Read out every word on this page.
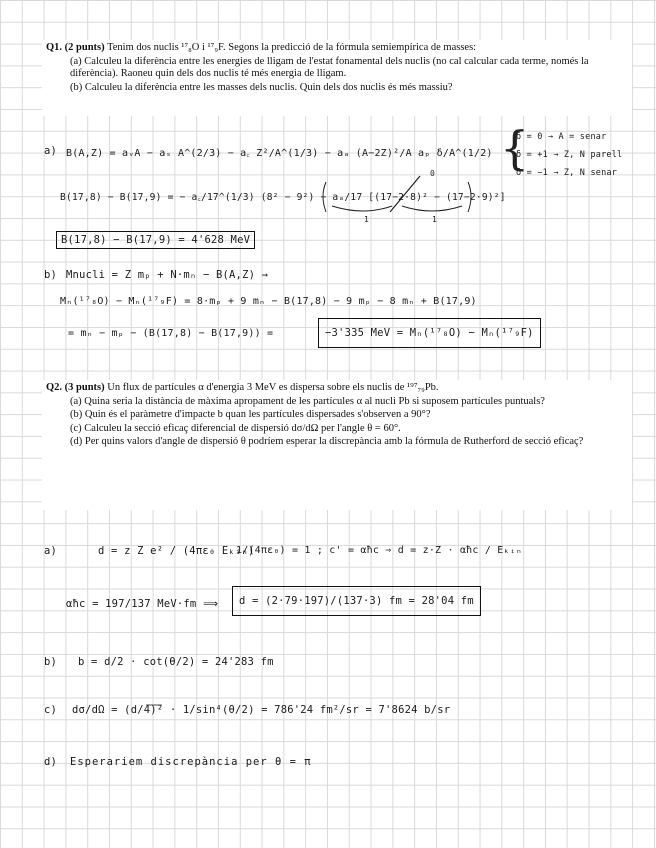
Q1. (2 punts) Tenim dos nuclis ¹⁷₈O i ¹⁷₉F. Segons la predicció de la fórmula semiempírica de masses:

(a) Calculeu la diferència entre les energies de lligam de l'estat fonamental dels nuclis (no cal calcular cada terme, només la diferència). Raoneu quin dels dos nuclis té més energia de lligam.

(b) Calculeu la diferència entre les masses dels nuclis. Quin dels dos nuclis és més massiu?

a) B(A,Z) = aᵥA − aₛ A^(2/3) − a꜀ Z²/A^(1/3) − aₐ (A−2Z)²/A aₚ δ/A^(1/2) {
δ = 0 → A = senar
δ = +1 → Z, N parell
δ = −1 → Z, N senar
0
B(17,8) − B(17,9) = − a꜀/17^(1/3) (8² − 9²) − aₐ/17 [(17−2·8)² − (17−2·9)²]
1	1
B(17,8) − B(17,9) = 4'628 MeV
b) Mnucli = Z mₚ + N·mₙ − B(A,Z) →
Mₙ(¹⁷₈O) − Mₙ(¹⁷₉F) = 8·mₚ + 9 mₙ − B(17,8) − 9 mₚ − 8 mₙ + B(17,9)
= mₙ − mₚ − (B(17,8) − B(17,9)) =	−3'335 MeV = Mₙ(¹⁷₈O) − Mₙ(¹⁷₉F)

Q2. (3 punts) Un flux de partícules α d'energia 3 MeV es dispersa sobre els nuclis de ¹⁹⁷₇₉Pb.

(a) Quina seria la distància de màxima apropament de les partícules α al nucli Pb si suposem partícules puntuals?

(b) Quin és el paràmetre d'impacte b quan les partícules dispersades s'observen a 90°?

(c) Calculeu la secció eficaç diferencial de dispersió dσ/dΩ per l'angle θ = 60°.

(d) Per quins valors d'angle de dispersió θ podríem esperar la discrepància amb la fórmula de Rutherford de secció eficaç?

a)	d = z Z e² / (4πε₀ Eₖᵢₙ)
1/(4πε₀) = 1 ; c' = αħc ⇒ d = z·Z · αħc / Eₖᵢₙ
αħc = 197/137 MeV·fm ⟹	d = (2·79·197)/(137·3) fm = 28'04 fm
b) b = d/2 · cot(θ/2) = 24'283 fm
c) dσ/dΩ = (d/4)² · 1/sin⁴(θ/2) = 786'24 fm²/sr = 7'8624 b/sr
d) Esperariem discrepància per θ = π
